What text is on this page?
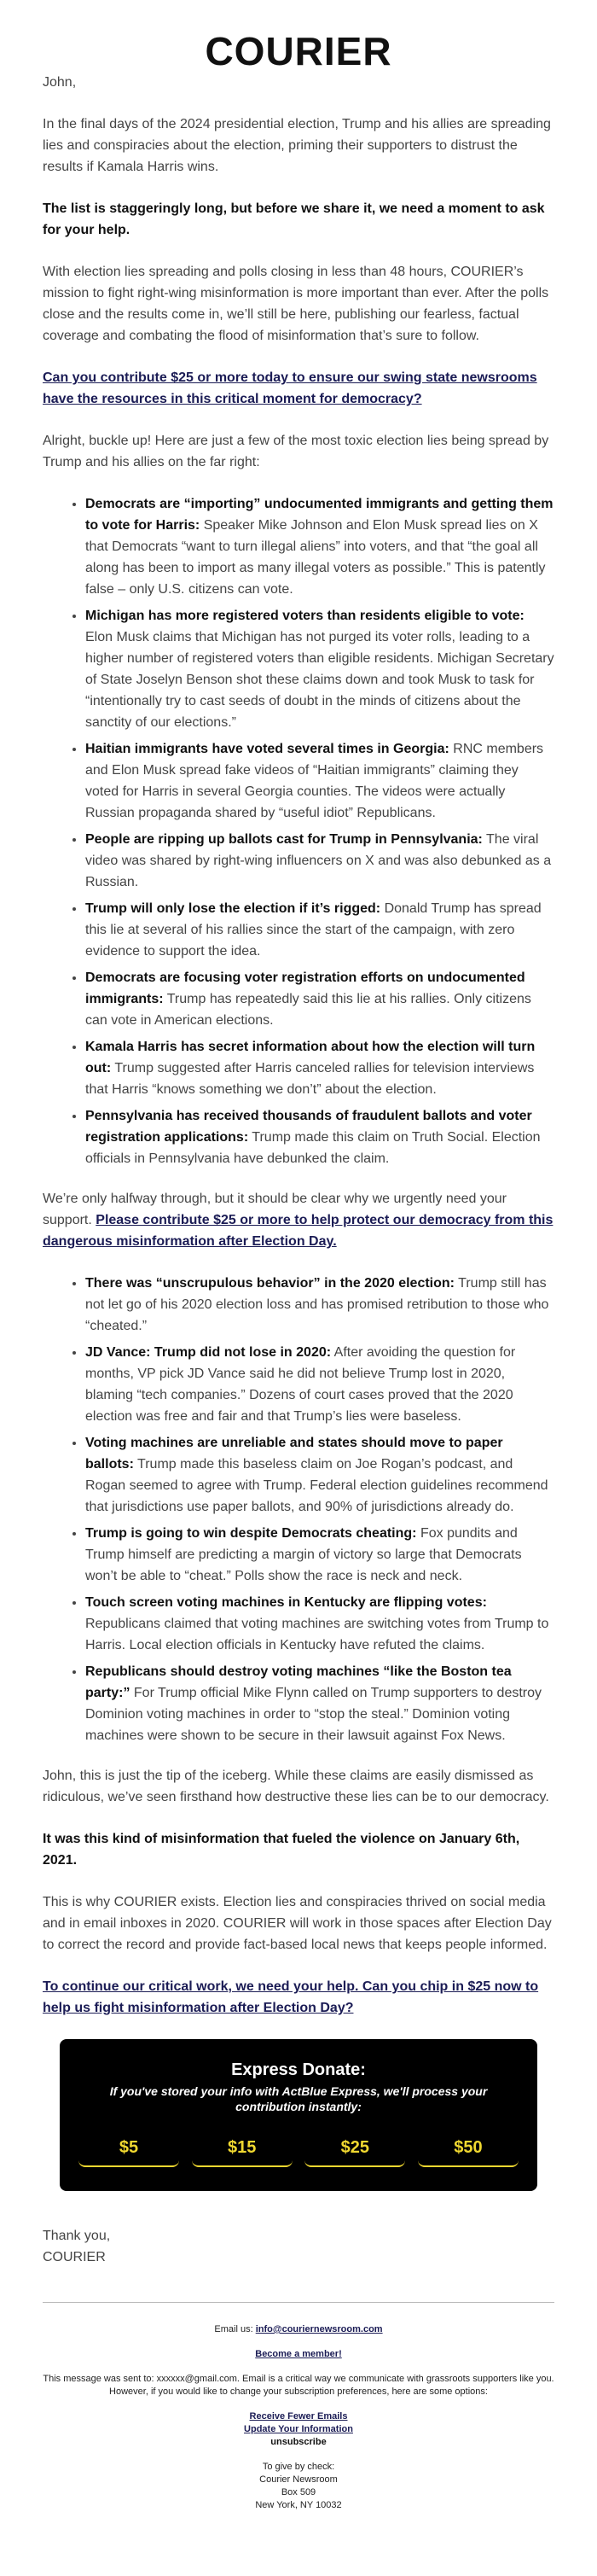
COURIER

John,

In the final days of the 2024 presidential election, Trump and his allies are spreading lies and conspiracies about the election, priming their supporters to distrust the results if Kamala Harris wins.

The list is staggeringly long, but before we share it, we need a moment to ask for your help.

With election lies spreading and polls closing in less than 48 hours, COURIER’s mission to fight right-wing misinformation is more important than ever. After the polls close and the results come in, we’ll still be here, publishing our fearless, factual coverage and combating the flood of misinformation that’s sure to follow.

Can you contribute $25 or more today to ensure our swing state newsrooms have the resources in this critical moment for democracy?

Alright, buckle up! Here are just a few of the most toxic election lies being spread by Trump and his allies on the far right:

• Democrats are “importing” undocumented immigrants and getting them to vote for Harris: Speaker Mike Johnson and Elon Musk spread lies on X that Democrats “want to turn illegal aliens” into voters, and that “the goal all along has been to import as many illegal voters as possible.” This is patently false – only U.S. citizens can vote.
• Michigan has more registered voters than residents eligible to vote: Elon Musk claims that Michigan has not purged its voter rolls, leading to a higher number of registered voters than eligible residents. Michigan Secretary of State Joselyn Benson shot these claims down and took Musk to task for “intentionally try to cast seeds of doubt in the minds of citizens about the sanctity of our elections.”
• Haitian immigrants have voted several times in Georgia: RNC members and Elon Musk spread fake videos of “Haitian immigrants” claiming they voted for Harris in several Georgia counties. The videos were actually Russian propaganda shared by “useful idiot” Republicans.
• People are ripping up ballots cast for Trump in Pennsylvania: The viral video was shared by right-wing influencers on X and was also debunked as a Russian.
• Trump will only lose the election if it’s rigged: Donald Trump has spread this lie at several of his rallies since the start of the campaign, with zero evidence to support the idea.
• Democrats are focusing voter registration efforts on undocumented immigrants: Trump has repeatedly said this lie at his rallies. Only citizens can vote in American elections.
• Kamala Harris has secret information about how the election will turn out: Trump suggested after Harris canceled rallies for television interviews that Harris “knows something we don’t” about the election.
• Pennsylvania has received thousands of fraudulent ballots and voter registration applications: Trump made this claim on Truth Social. Election officials in Pennsylvania have debunked the claim.

We’re only halfway through, but it should be clear why we urgently need your support. Please contribute $25 or more to help protect our democracy from this dangerous misinformation after Election Day.

• There was “unscrupulous behavior” in the 2020 election: Trump still has not let go of his 2020 election loss and has promised retribution to those who “cheated.”
• JD Vance: Trump did not lose in 2020: After avoiding the question for months, VP pick JD Vance said he did not believe Trump lost in 2020, blaming “tech companies.” Dozens of court cases proved that the 2020 election was free and fair and that Trump’s lies were baseless.
• Voting machines are unreliable and states should move to paper ballots: Trump made this baseless claim on Joe Rogan’s podcast, and Rogan seemed to agree with Trump. Federal election guidelines recommend that jurisdictions use paper ballots, and 90% of jurisdictions already do.
• Trump is going to win despite Democrats cheating: Fox pundits and Trump himself are predicting a margin of victory so large that Democrats won’t be able to “cheat.” Polls show the race is neck and neck.
• Touch screen voting machines in Kentucky are flipping votes: Republicans claimed that voting machines are switching votes from Trump to Harris. Local election officials in Kentucky have refuted the claims.
• Republicans should destroy voting machines “like the Boston tea party:” For Trump official Mike Flynn called on Trump supporters to destroy Dominion voting machines in order to “stop the steal.” Dominion voting machines were shown to be secure in their lawsuit against Fox News.

John, this is just the tip of the iceberg. While these claims are easily dismissed as ridiculous, we’ve seen firsthand how destructive these lies can be to our democracy.

It was this kind of misinformation that fueled the violence on January 6th, 2021.

This is why COURIER exists. Election lies and conspiracies thrived on social media and in email inboxes in 2020. COURIER will work in those spaces after Election Day to correct the record and provide fact-based local news that keeps people informed.

To continue our critical work, we need your help. Can you chip in $25 now to help us fight misinformation after Election Day?

Express Donate:
If you've stored your info with ActBlue Express, we'll process your contribution instantly:
$5	$15	$25	$50
Thank you,
COURIER
Email us: info@couriernewsroom.com
Become a member!
This message was sent to: xxxxxx@gmail.com. Email is a critical way we communicate with grassroots supporters like you. However, if you would like to change your subscription preferences, here are some options:
Receive Fewer Emails
Update Your Information
unsubscribe
To give by check:
Courier Newsroom
Box 509
New York, NY 10032
